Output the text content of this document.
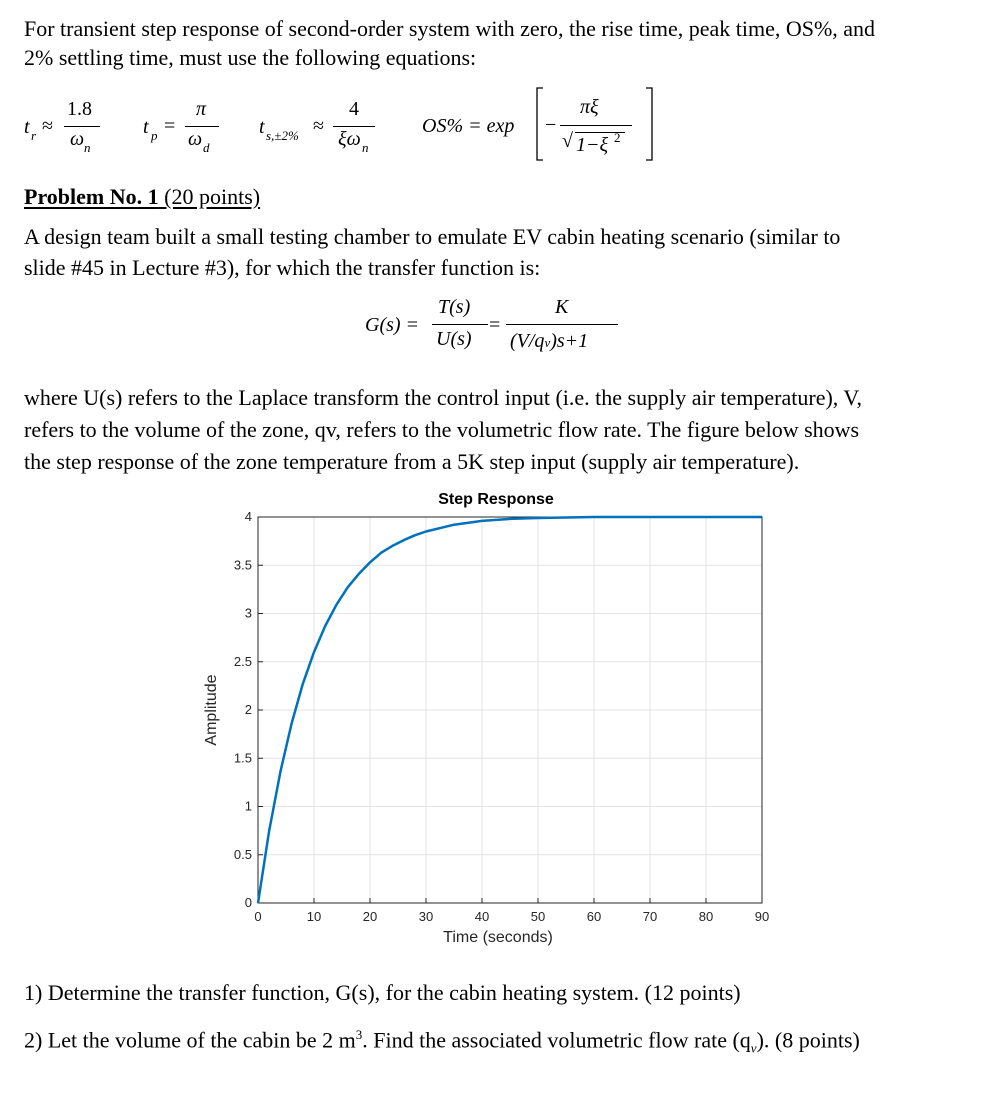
For transient step response of second-order system with zero, the rise time, peak time, OS%, and
2% settling time, must use the following equations:
t r ≈
1.8
ω n
t p =
π
ω d
t s,±2% ≈
4
ξω n
OS% = exp −
πξ
√ 1−ξ 2
Problem No. 1 (20 points)
A design team built a small testing chamber to emulate EV cabin heating scenario (similar to
slide #45 in Lecture #3), for which the transfer function is:
G(s) =
T(s)
U(s)
=
K
(V/qv)s+1
where U(s) refers to the Laplace transform the control input (i.e. the supply air temperature), V,
refers to the volume of the zone, qv, refers to the volumetric flow rate. The figure below shows
the step response of the zone temperature from a 5K step input (supply air temperature).
0	10	20	30	40	50	60	70	80	90
0
0.5
1
1.5
2
2.5
3
3.5
4
Step Response
Time (seconds)
Amplitude
1) Determine the transfer function, G(s), for the cabin heating system. (12 points)
2) Let the volume of the cabin be 2 $m^3$. Find the associated volumetric flow rate $(q_v)$. (8 points)
